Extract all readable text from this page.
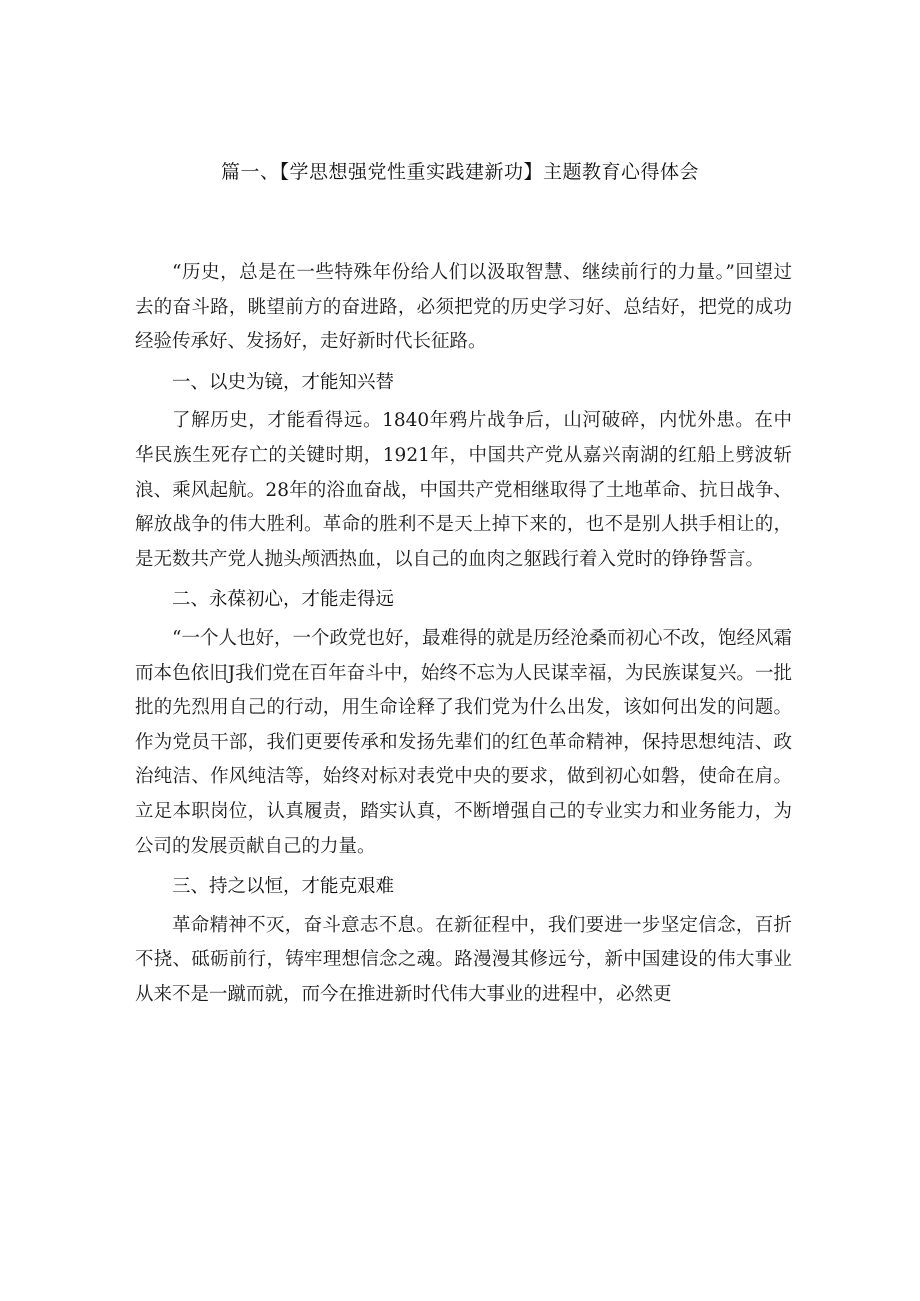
篇一、【学思想强党性重实践建新功】主题教育心得体会

“历史，总是在一些特殊年份给人们以汲取智慧、继续前行的力量。”回望过去的奋斗路，眺望前方的奋进路，必须把党的历史学习好、总结好，把党的成功经验传承好、发扬好，走好新时代长征路。

一、以史为镜，才能知兴替

了解历史，才能看得远。1840年鸦片战争后，山河破碎，内忧外患。在中华民族生死存亡的关键时期，1921年，中国共产党从嘉兴南湖的红船上劈波斩浪、乘风起航。28年的浴血奋战，中国共产党相继取得了土地革命、抗日战争、解放战争的伟大胜利。革命的胜利不是天上掉下来的，也不是别人拱手相让的，是无数共产党人抛头颅洒热血，以自己的血肉之躯践行着入党时的铮铮誓言。

二、永葆初心，才能走得远

“一个人也好，一个政党也好，最难得的就是历经沧桑而初心不改，饱经风霜而本色依旧J我们党在百年奋斗中，始终不忘为人民谋幸福，为民族谋复兴。一批批的先烈用自己的行动，用生命诠释了我们党为什么出发，该如何出发的问题。作为党员干部，我们更要传承和发扬先辈们的红色革命精神，保持思想纯洁、政治纯洁、作风纯洁等，始终对标对表党中央的要求，做到初心如磐，使命在肩。立足本职岗位，认真履责，踏实认真，不断增强自己的专业实力和业务能力，为公司的发展贡献自己的力量。

三、持之以恒，才能克艰难

革命精神不灭，奋斗意志不息。在新征程中，我们要进一步坚定信念，百折不挠、砥砺前行，铸牢理想信念之魂。路漫漫其修远兮，新中国建设的伟大事业从来不是一蹴而就，而今在推进新时代伟大事业的进程中，必然更
